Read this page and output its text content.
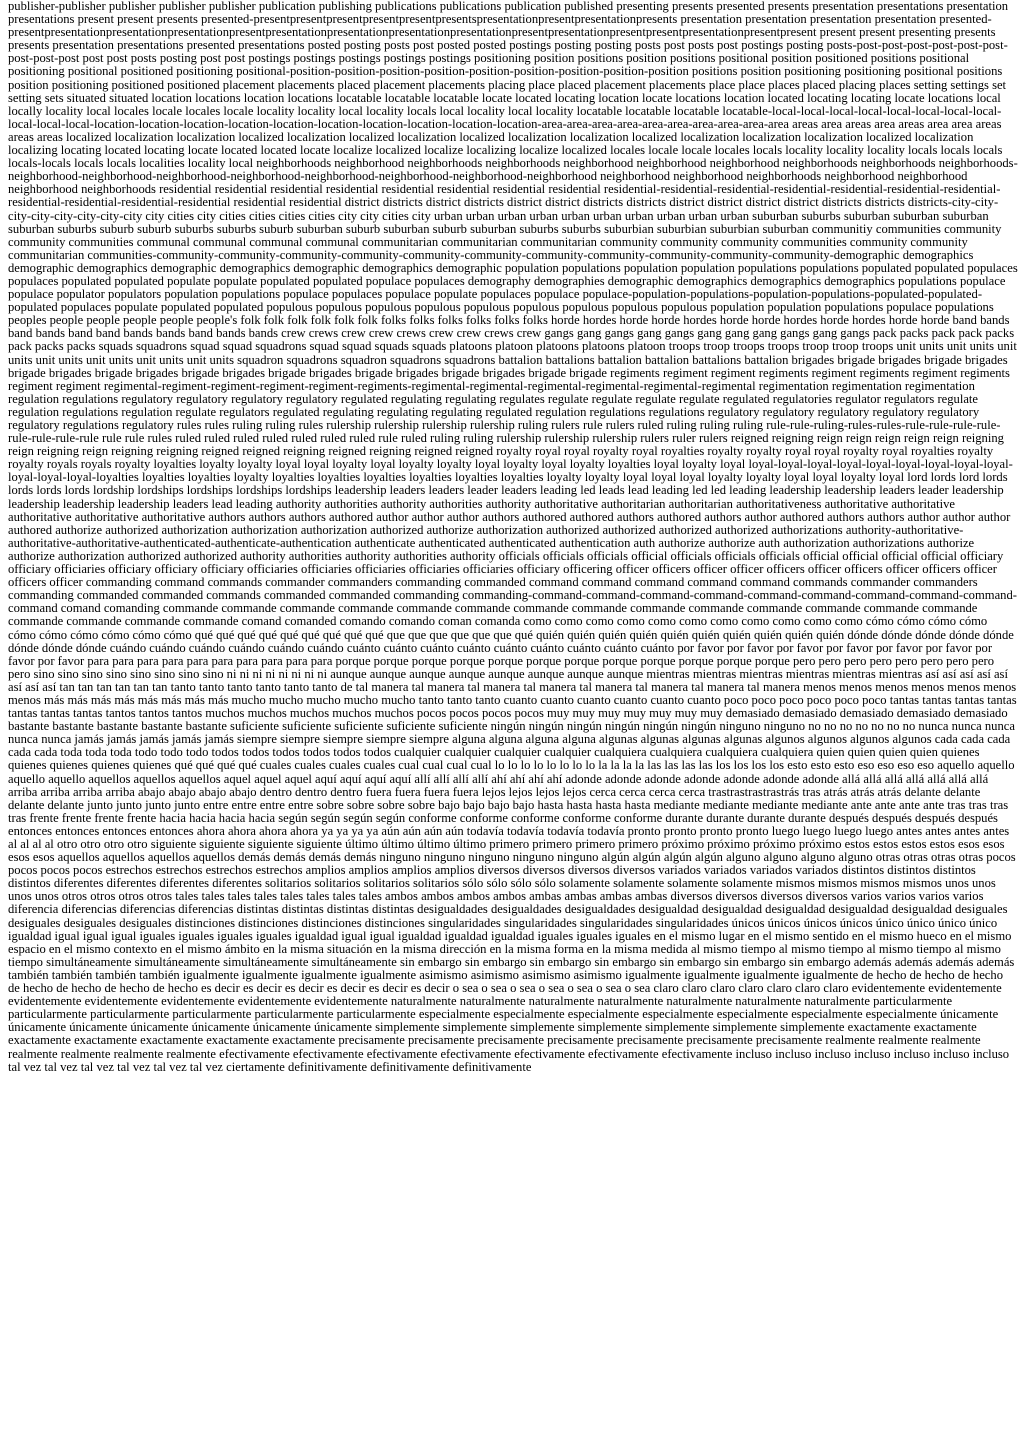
publisher-publisher publisher publisher publisher publication publishing publications publications publication published presenting presents presented presents presentation presentations presentation presentations present present presents presented-presentpresentpresentpresentpresentpresentspresentationpresentpresentationpresents presentation presentation presentation presentation presented-presentpresentationpresentationpresentationpresentpresentationpresentationpresentationpresentationpresentpresentationpresentpresentpresentationpresentpresent present present presenting presents presents presentation presentations presented presentations posted posting posts post posted posted postings posting posting posts post posts post postings posting posts-post-post-post-post-post-post-post-post-post post post posts posting post post postings postings postings postings postings positioning position positions position positions positional position positioned positions positional positioning positional positioned positioning positional-position-position-position-position-position-position-position-position-position positions position positioning positioning positional positions position positioning positioned positioned placement placements placed placement placements placing place placed placement placements place place places placed placing places setting settings set setting sets situated situated location locations location locations locatable locatable locatable locate located locating location locate locations location located locating locating locate locations local locally locality local locales locale locales locale locality locality local locality locals local locality local locality locatable locatable locatable locatable-local-local-local-local-local-local-local-local-local-local-local-location-location-location-location-location-location-location-location-location-location-area-area-area-area-area-area-area-area-area-area areas area areas area areas area area areas areas areas localized localization localization localized localization localized localization localized localization localization localized localization localization localization localized localization localizing locating located locating locate located located locate localize localized localize localizing localize localized locales locale locale locales locals locality locality locality locals locals locals locals-locals locals locals localities locality local neighborhoods neighborhood neighborhoods neighborhoods neighborhood neighborhood neighborhood neighborhoods neighborhoods neighborhoods-neighborhood-neighborhood-neighborhood-neighborhood-neighborhood-neighborhood-neighborhood-neighborhood neighborhood neighborhood neighborhoods neighborhood neighborhood neighborhood neighborhoods residential residential residential residential residential residential residential residential residential-residential-residential-residential-residential-residential-residential-residential-residential-residential-residential residential residential district districts district districts district district districts districts district district district district districts districts districts-city-city-city-city-city-city-city-city city cities city cities cities cities cities city city cities city urban urban urban urban urban urban urban urban urban urban suburban suburbs suburban suburban suburban suburban suburbs suburb suburb suburbs suburbs suburb suburban suburb suburban suburb suburban suburbs suburbs suburbian suburbian suburbian suburban communitiy communities community community communities communal communal communal communal communitarian communitarian communitarian community community community communities community community communitarian communities-community-community-community-community-community-community-community-community-community-community-community-demographic demographics demographic demographics demographic demographics demographic demographics demographic population populations population population populations populations populated populated populaces populaces populated populated populate populate populated populated populace populaces demography demographies demographic demographics demographics demographics populations populace populace populator populators population populations populace populaces populace populate populaces populace populace-population-populations-population-populations-populated-populated-populated populaces populate populated populated populous populous populous populous populous populous populous populous populous population population populations populace populations peoples people people people people people's folk folk folk folk folk folk folks folks folks folks folks folks horde hordes horde horde hordes horde horde hordes horde hordes horde horde band bands band bands band band bands bands band bands bands crew crews crew crew crews crew crew crews crew gangs gang gangs gang gangs gang gang gang gangs gang gangs pack packs pack pack packs pack packs packs squads squadrons squad squad squadrons squad squad squads squads platoons platoon platoons platoons platoon troops troop troops troops troop troop troops unit units unit units unit units unit units unit units unit units unit units squadron squadrons squadron squadrons squadrons battalion battalions battalion battalion battalions battalion brigades brigade brigades brigade brigades brigade brigades brigade brigades brigade brigades brigade brigades brigade brigades brigade brigades brigade brigade regiments regiment regiment regiments regiment regiments regiment regiments regiment regiment regimental-regiment-regiment-regiment-regiment-regiments-regimental-regimental-regimental-regimental-regimental-regimental regimentation regimentation regimentation regulation regulations regulatory regulatory regulatory regulatory regulated regulating regulating regulates regulate regulate regulate regulate regulated regulatories regulator regulators regulate regulation regulations regulation regulate regulators regulated regulating regulating regulating regulated regulation regulations regulations regulatory regulatory regulatory regulatory regulatory regulatory regulations regulatory rules rules ruling ruling rules rulership rulership rulership rulership ruling rulers rule rulers ruled ruling ruling ruling rule-rule-ruling-rules-rules-rule-rule-rule-rule-rule-rule-rule-rule rule rule rules ruled ruled ruled ruled ruled ruled ruled rule ruled ruling ruling rulership rulership rulership rulers ruler rulers reigned reigning reign reign reign reign reign reigning reign reigning reign reigning reigning reigned reigned reigning reigned reigning reigned reigned royalty royal royal royalty royal royalties royalty royalty royal royal royalty royal royalties royalty royalty royals royals royalty loyalties loyalty loyalty loyal loyal loyalty loyal loyalty loyalty loyal loyalty loyal loyalty loyalties loyal loyalty loyal loyal-loyal-loyal-loyal-loyal-loyal-loyal-loyal-loyal-loyal-loyal-loyal-loyalties loyalties loyalties loyalty loyalties loyalties loyalties loyalties loyalties loyalties loyalty loyalty loyal loyal loyal loyalty loyalty loyal loyal loyalty loyal lord lords lord lords lords lords lords lordship lordships lordships lordships lordships leadership leaders leaders leader leaders leading led leads lead leading led led leading leadership leadership leaders leader leadership leadership leadership leadership leaders lead leading authority authorities authority authorities authority authoritative authoritarian authoritarian authoritativeness authoritative authoritative authoritative authoritative authoritative authors authors authors authored author author author authors authored authored authors authored authors author authored authors authors author author author authored authorize authorized authorization authorization authorization authorized authorize authorization authorized authorized authorized authorized authorizations authority-authoritative-authoritative-authoritative-authenticated-authenticate-authentication authenticate authenticated authenticated authentication auth authorize authorize auth authorization authorizations authorize authorize authorization authorized authorized authority authorities authority authorities authority officials officials officials official officials officials officials official official official official officiary officiary officiaries officiary officiary officiary officiaries officiaries officiaries officiaries officiaries officiary officering officer officers officer officer officers officer officers officer officers officer officers officer commanding command commands commander commanders commanding commanded command command command command command commands commander commanders commanding commanded commanded commands commanded commanded commanding commanding-command-command-command-command-command-command-command-command-command-command comand comanding commande commande commande commande commande commande commande commande commande commande commande commande commande commande commande commande commande commande comand comanded comando comando coman comanda como como como como como como como como como como como cómo cómo cómo cómo cómo cómo cómo cómo cómo cómo qué qué qué qué qué qué qué qué qué que que que que que que qué quién quién quién quién quién quién quién quién quién quién dónde dónde dónde dónde dónde dónde dónde dónde cuándo cuándo cuándo cuándo cuándo cuándo cuánto cuánto cuánto cuánto cuánto cuánto cuánto cuánto cuánto por favor por favor por favor por favor por favor por favor por favor por favor para para para para para para para para para para porque porque porque porque porque porque porque porque porque porque porque porque pero pero pero pero pero pero pero pero pero sino sino sino sino sino sino sino sino ni ni ni ni ni ni ni ni aunque aunque aunque aunque aunque aunque aunque aunque mientras mientras mientras mientras mientras mientras así así así así así así así así tan tan tan tan tan tan tanto tanto tanto tanto tanto tanto de tal manera tal manera tal manera tal manera tal manera tal manera tal manera tal manera menos menos menos menos menos menos menos más más más más más más más más mucho mucho mucho mucho mucho tanto tanto tanto cuanto cuanto cuanto cuanto cuanto cuanto poco poco poco poco poco poco tantas tantas tantas tantas tantas tantas tantas tantos tantos tantos muchos muchos muchos muchos muchos pocos pocos pocos pocos muy muy muy muy muy muy muy demasiado demasiado demasiado demasiado demasiado bastante bastante bastante bastante bastante suficiente suficiente suficiente suficiente suficiente ningún ningún ningún ningún ningún ningún ninguno ninguno no no no no no no no nunca nunca nunca nunca nunca jamás jamás jamás jamás jamás siempre siempre siempre siempre siempre alguna alguna alguna alguna algunas algunas algunas algunas algunos algunos algunos algunos cada cada cada cada cada toda toda toda todo todo todo todos todos todos todos todos todos cualquier cualquier cualquier cualquier cualquiera cualquiera cualquiera cualquiera quien quien quien quien quienes quienes quienes quienes quienes qué qué qué qué cuales cuales cuales cuales cual cual cual cual lo lo lo lo lo lo lo lo la la la la las las las las los los los los esto esto esto eso eso eso eso aquello aquello aquello aquello aquellos aquellos aquellos aquel aquel aquel aquí aquí aquí aquí allí allí allí allí ahí ahí ahí ahí adonde adonde adonde adonde adonde adonde adonde allá allá allá allá allá allá allá arriba arriba arriba arriba abajo abajo abajo abajo dentro dentro dentro fuera fuera fuera fuera lejos lejos lejos lejos cerca cerca cerca cerca trastrastrastrastrás tras atrás atrás atrás delante delante delante delante junto junto junto junto entre entre entre entre sobre sobre sobre sobre bajo bajo bajo bajo hasta hasta hasta hasta mediante mediante mediante mediante ante ante ante ante tras tras tras tras frente frente frente frente hacia hacia hacia hacia según según según según conforme conforme conforme conforme conforme durante durante durante durante después después después después entonces entonces entonces entonces ahora ahora ahora ahora ya ya ya ya aún aún aún aún todavía todavía todavía todavía pronto pronto pronto pronto luego luego luego luego antes antes antes antes al al al al otro otro otro otro siguiente siguiente siguiente siguiente último último último último primero primero primero primero próximo próximo próximo próximo estos estos estos estos esos esos esos esos aquellos aquellos aquellos aquellos demás demás demás demás ninguno ninguno ninguno ninguno ninguno algún algún algún algún alguno alguno alguno alguno otras otras otras otras pocos pocos pocos pocos estrechos estrechos estrechos estrechos amplios amplios amplios amplios diversos diversos diversos diversos variados variados variados variados distintos distintos distintos distintos diferentes diferentes diferentes diferentes solitarios solitarios solitarios solitarios sólo sólo sólo sólo solamente solamente solamente solamente mismos mismos mismos mismos unos unos unos unos otros otros otros otros tales tales tales tales tales tales tales tales ambos ambos ambos ambos ambas ambas ambas ambas diversos diversos diversos diversos varios varios varios varios diferencia diferencias diferencias diferencias distintas distintas distintas distintas desigualdades desigualdades desigualdades desigualdad desigualdad desigualdad desigualdad desigualdad desiguales desiguales desiguales desiguales distinciones distinciones distinciones distinciones singularidades singularidades singularidades singularidades únicos únicos únicos únicos único único único único igualdad igual igual igual iguales iguales iguales iguales igualdad igual igual igualdad igualdad igualdad iguales iguales iguales en el mismo lugar en el mismo sentido en el mismo hueco en el mismo espacio en el mismo contexto en el mismo ámbito en la misma situación en la misma dirección en la misma forma en la misma medida al mismo tiempo al mismo tiempo al mismo tiempo al mismo tiempo simultáneamente simultáneamente simultáneamente simultáneamente sin embargo sin embargo sin embargo sin embargo sin embargo sin embargo sin embargo además además además además también también también también igualmente igualmente igualmente igualmente asimismo asimismo asimismo asimismo igualmente igualmente igualmente igualmente de hecho de hecho de hecho de hecho de hecho de hecho de hecho es decir es decir es decir es decir es decir es decir o sea o sea o sea o sea o sea o sea o sea claro claro claro claro claro claro claro evidentemente evidentemente evidentemente evidentemente evidentemente evidentemente evidentemente naturalmente naturalmente naturalmente naturalmente naturalmente naturalmente naturalmente particularmente particularmente particularmente particularmente particularmente particularmente especialmente especialmente especialmente especialmente especialmente especialmente especialmente únicamente únicamente únicamente únicamente únicamente únicamente únicamente simplemente simplemente simplemente simplemente simplemente simplemente simplemente exactamente exactamente exactamente exactamente exactamente exactamente exactamente precisamente precisamente precisamente precisamente precisamente precisamente precisamente realmente realmente realmente realmente realmente realmente realmente efectivamente efectivamente efectivamente efectivamente efectivamente efectivamente efectivamente incluso incluso incluso incluso incluso incluso incluso tal vez tal vez tal vez tal vez tal vez tal vez ciertamente definitivamente definitivamente definitivamente
